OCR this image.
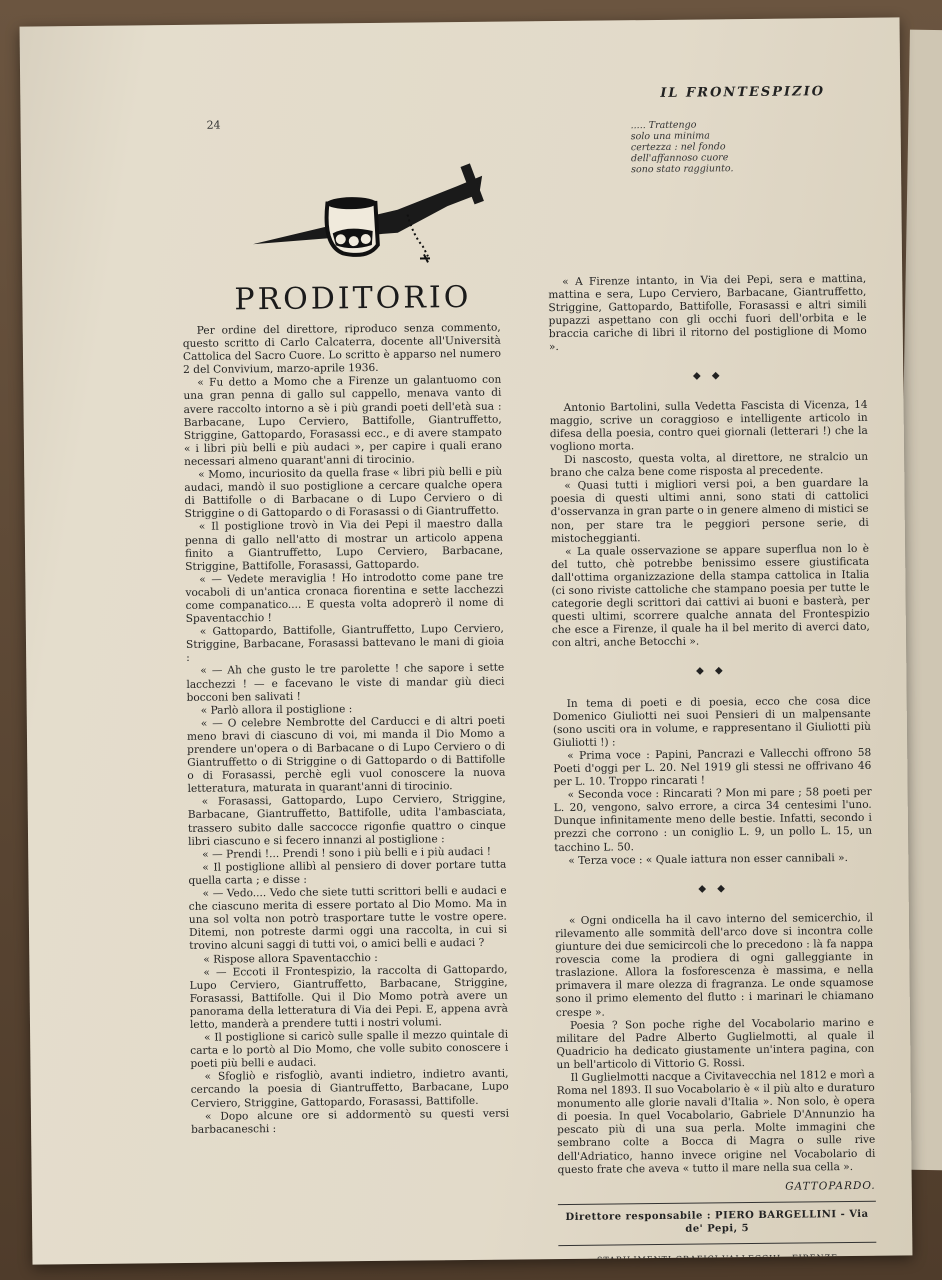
IL FRONTESPIZIO
24	..... Trattengo
solo una minima
certezza : nel fondo
dell'affannoso cuore
sono stato raggiunto.
PRODITORIO

Per ordine del direttore, riproduco senza commento, questo scritto di Carlo Calcaterra, docente all'Università Cattolica del Sacro Cuore. Lo scritto è apparso nel numero 2 del Convivium, marzo-aprile 1936.

« Fu detto a Momo che a Firenze un galantuomo con una gran penna di gallo sul cappello, menava vanto di avere raccolto intorno a sè i più grandi poeti dell'età sua : Barbacane, Lupo Cerviero, Battifolle, Giantruffetto, Striggine, Gattopardo, Forasassi ecc., e di avere stampato « i libri più belli e più audaci », per capire i quali erano necessari almeno quarant'anni di tirocinio.

« Momo, incuriosito da quella frase « libri più belli e più audaci, mandò il suo postiglione a cercare qualche opera di Battifolle o di Barbacane o di Lupo Cerviero o di Striggine o di Gattopardo o di Forasassi o di Giantruffetto.

« Il postiglione trovò in Via dei Pepi il maestro dalla penna di gallo nell'atto di mostrar un articolo appena finito a Giantruffetto, Lupo Cerviero, Barbacane, Striggine, Battifolle, Forasassi, Gattopardo.

« — Vedete meraviglia ! Ho introdotto come pane tre vocaboli di un'antica cronaca fiorentina e sette lacchezzi come companatico.... E questa volta adoprerò il nome di Spaventacchio !

« Gattopardo, Battifolle, Giantruffetto, Lupo Cerviero, Striggine, Barbacane, Forasassi battevano le mani di gioia :

« — Ah che gusto le tre parolette ! che sapore i sette lacchezzi ! — e facevano le viste di mandar giù dieci bocconi ben salivati !

« Parlò allora il postiglione :

« — O celebre Nembrotte del Carducci e di altri poeti meno bravi di ciascuno di voi, mi manda il Dio Momo a prendere un'opera o di Barbacane o di Lupo Cerviero o di Giantruffetto o di Striggine o di Gattopardo o di Battifolle o di Forasassi, perchè egli vuol conoscere la nuova letteratura, maturata in quarant'anni di tirocinio.

« Forasassi, Gattopardo, Lupo Cerviero, Striggine, Barbacane, Giantruffetto, Battifolle, udita l'ambasciata, trassero subito dalle saccocce rigonfie quattro o cinque libri ciascuno e si fecero innanzi al postiglione :

« — Prendi !... Prendi ! sono i più belli e i più audaci !

« Il postiglione allibì al pensiero di dover portare tutta quella carta ; e disse :

« — Vedo.... Vedo che siete tutti scrittori belli e audaci e che ciascuno merita di essere portato al Dio Momo. Ma in una sol volta non potrò trasportare tutte le vostre opere. Ditemi, non potreste darmi oggi una raccolta, in cui si trovino alcuni saggi di tutti voi, o amici belli e audaci ?

« Rispose allora Spaventacchio :

« — Eccoti il Frontespizio, la raccolta di Gattopardo, Lupo Cerviero, Giantruffetto, Barbacane, Striggine, Forasassi, Battifolle. Qui il Dio Momo potrà avere un panorama della letteratura di Via dei Pepi. E, appena avrà letto, manderà a prendere tutti i nostri volumi.

« Il postiglione si caricò sulle spalle il mezzo quintale di carta e lo portò al Dio Momo, che volle subito conoscere i poeti più belli e audaci.

« Sfogliò e risfogliò, avanti indietro, indietro avanti, cercando la poesia di Giantruffetto, Barbacane, Lupo Cerviero, Striggine, Gattopardo, Forasassi, Battifolle.

« Dopo alcune ore si addormentò su questi versi barbacaneschi :

« A Firenze intanto, in Via dei Pepi, sera e mattina, mattina e sera, Lupo Cerviero, Barbacane, Giantruffetto, Striggine, Gattopardo, Battifolle, Forasassi e altri simili pupazzi aspettano con gli occhi fuori dell'orbita e le braccia cariche di libri il ritorno del postiglione di Momo ».

◆ ◆

Antonio Bartolini, sulla Vedetta Fascista di Vicenza, 14 maggio, scrive un coraggioso e intelligente articolo in difesa della poesia, contro quei giornali (letterari !) che la vogliono morta.

Di nascosto, questa volta, al direttore, ne stralcio un brano che calza bene come risposta al precedente.

« Quasi tutti i migliori versi poi, a ben guardare la poesia di questi ultimi anni, sono stati di cattolici d'osservanza in gran parte o in genere almeno di mistici se non, per stare tra le peggiori persone serie, di mistocheggianti.

« La quale osservazione se appare superflua non lo è del tutto, chè potrebbe benissimo essere giustificata dall'ottima organizzazione della stampa cattolica in Italia (ci sono riviste cattoliche che stampano poesia per tutte le categorie degli scrittori dai cattivi ai buoni e basterà, per questi ultimi, scorrere qualche annata del Frontespizio che esce a Firenze, il quale ha il bel merito di averci dato, con altri, anche Betocchi ».

◆ ◆

In tema di poeti e di poesia, ecco che cosa dice Domenico Giuliotti nei suoi Pensieri di un malpensante (sono usciti ora in volume, e rappresentano il Giuliotti più Giuliotti !) :

« Prima voce : Papini, Pancrazi e Vallecchi offrono 58 Poeti d'oggi per L. 20. Nel 1919 gli stessi ne offrivano 46 per L. 10. Troppo rincarati !

« Seconda voce : Rincarati ? Mon mi pare ; 58 poeti per L. 20, vengono, salvo errore, a circa 34 centesimi l'uno. Dunque infinitamente meno delle bestie. Infatti, secondo i prezzi che corrono : un coniglio L. 9, un pollo L. 15, un tacchino L. 50.

« Terza voce : « Quale iattura non esser cannibali ».

◆ ◆

« Ogni ondicella ha il cavo interno del semicerchio, il rilevamento alle sommità dell'arco dove si incontra colle giunture dei due semicircoli che lo precedono : là fa nappa rovescia come la prodiera di ogni galleggiante in traslazione. Allora la fosforescenza è massima, e nella primavera il mare olezza di fragranza. Le onde squamose sono il primo elemento del flutto : i marinari le chiamano crespe ».

Poesia ? Son poche righe del Vocabolario marino e militare del Padre Alberto Guglielmotti, al quale il Quadricio ha dedicato giustamente un'intera pagina, con un bell'articolo di Vittorio G. Rossi.

Il Guglielmotti nacque a Civitavecchia nel 1812 e morì a Roma nel 1893. Il suo Vocabolario è « il più alto e duraturo monumento alle glorie navali d'Italia ». Non solo, è opera di poesia. In quel Vocabolario, Gabriele D'Annunzio ha pescato più di una sua perla. Molte immagini che sembrano colte a Bocca di Magra o sulle rive dell'Adriatico, hanno invece origine nel Vocabolario di questo frate che aveva « tutto il mare nella sua cella ».

GATTOPARDO.
Direttore responsabile : PIERO BARGELLINI - Via de' Pepi, 5
STABILIMENTI GRAFICI VALLECCHI - FIRENZE
